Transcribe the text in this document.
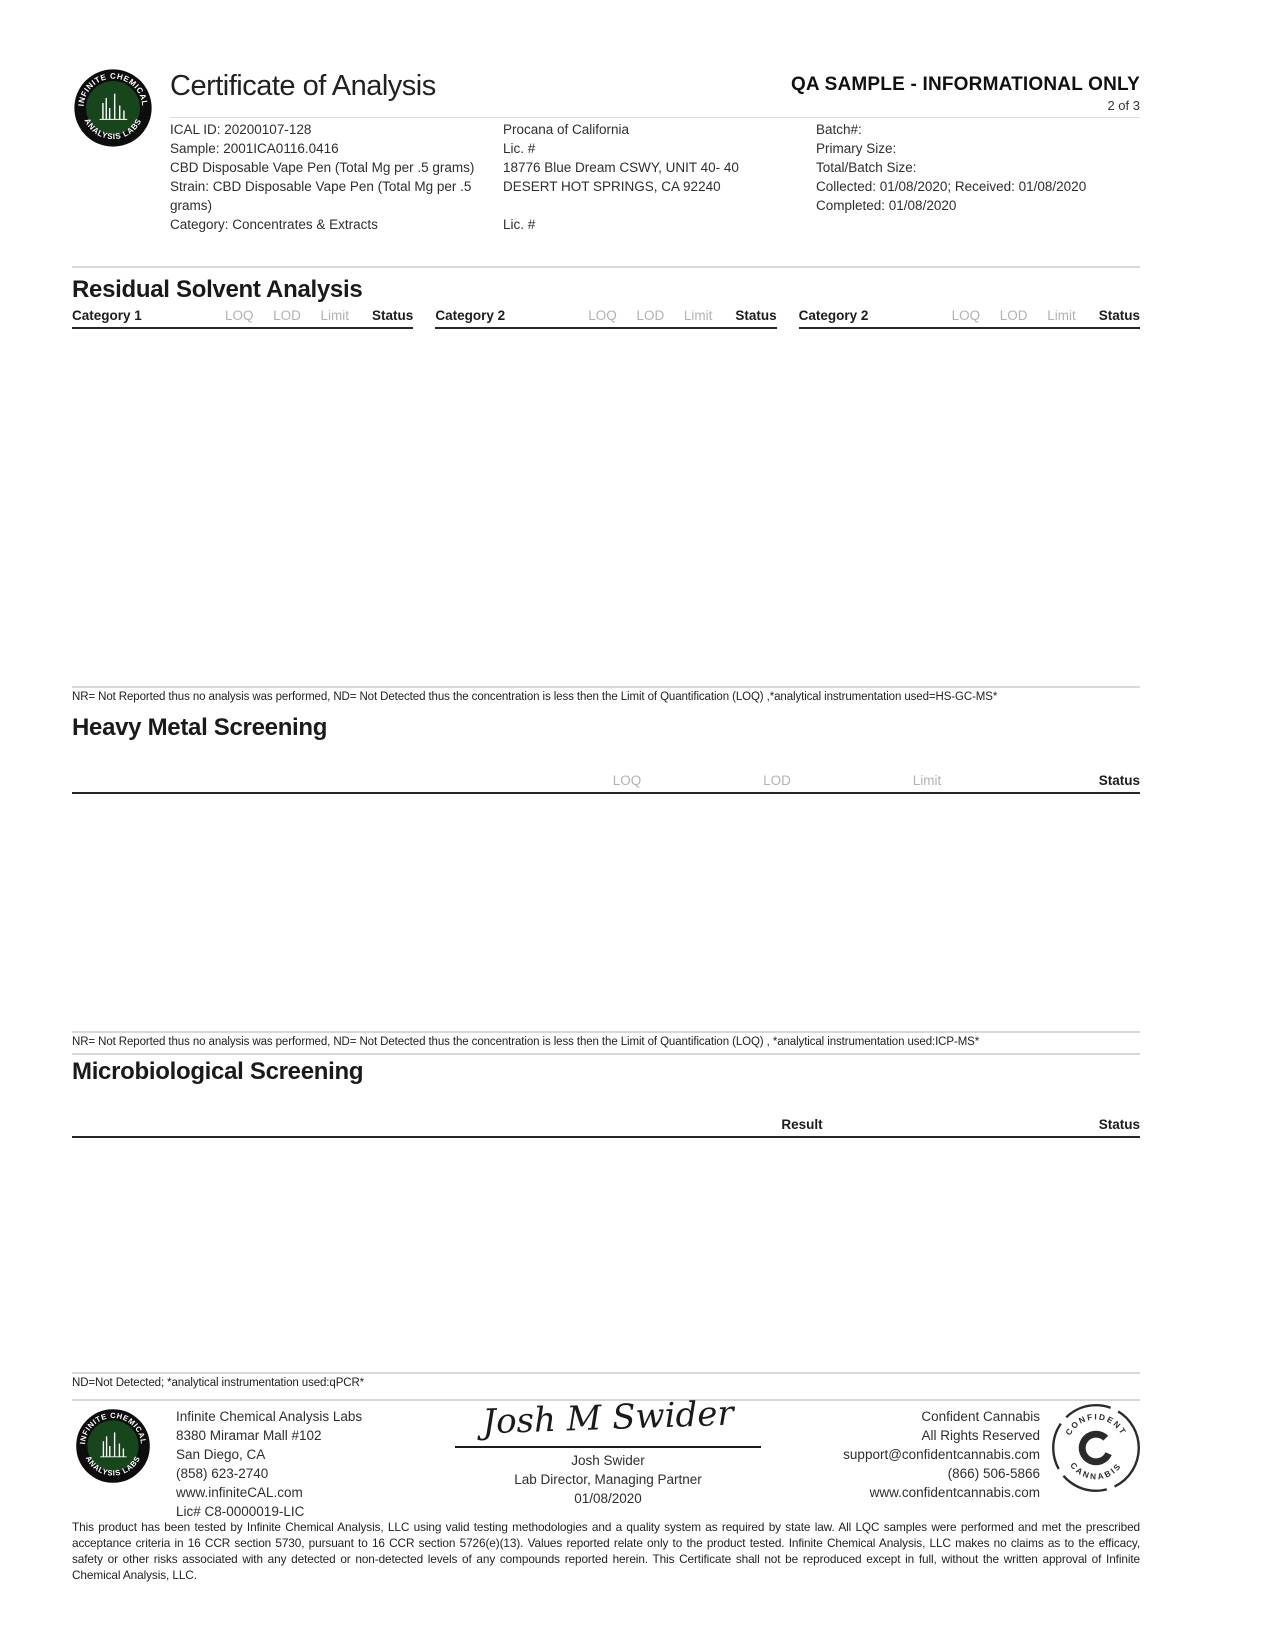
INFINITE CHEMICAL
ANALYSIS LABS
Certificate of Analysis	QA SAMPLE - INFORMATIONAL ONLY
2 of 3
ICAL ID: 20200107-128
Sample: 2001ICA0116.0416
CBD Disposable Vape Pen (Total Mg per .5 grams)
Strain: CBD Disposable Vape Pen (Total Mg per .5 grams)
Category: Concentrates & Extracts
Procana of California
Lic. #
18776 Blue Dream CSWY, UNIT 40- 40
DESERT HOT SPRINGS, CA 92240
Lic. #
Batch#:
Primary Size:
Total/Batch Size:
Collected: 01/08/2020; Received: 01/08/2020
Completed: 01/08/2020
Residual Solvent Analysis
Category 1	LOQ	LOD	Limit	Status Category 2	LOQ	LOD	Limit	Status Category 2	LOQ	LOD	Limit	Status
NR= Not Reported thus no analysis was performed, ND= Not Detected thus the concentration is less then the Limit of Quantification (LOQ) ,*analytical instrumentation used=HS-GC-MS*
Heavy Metal Screening
LOQ	LOD	Limit	Status
NR= Not Reported thus no analysis was performed, ND= Not Detected thus the concentration is less then the Limit of Quantification (LOQ) , *analytical instrumentation used:ICP-MS*
Microbiological Screening
Result	Status
ND=Not Detected; *analytical instrumentation used:qPCR*
INFINITE CHEMICAL
ANALYSIS LABS
Infinite Chemical Analysis Labs
8380 Miramar Mall #102
San Diego, CA
(858) 623-2740
www.infiniteCAL.com
Lic# C8-0000019-LIC
Josh M Swider
Josh Swider
Lab Director, Managing Partner
01/08/2020
Confident Cannabis
All Rights Reserved
support@confidentcannabis.com
(866) 506-5866
www.confidentcannabis.com
CONFIDENT
CANNABIS
This product has been tested by Infinite Chemical Analysis, LLC using valid testing methodologies and a quality system as required by state law. All LQC samples were performed and met the prescribed acceptance criteria in 16 CCR section 5730, pursuant to 16 CCR section 5726(e)(13). Values reported relate only to the product tested. Infinite Chemical Analysis, LLC makes no claims as to the efficacy, safety or other risks associated with any detected or non-detected levels of any compounds reported herein. This Certificate shall not be reproduced except in full, without the written approval of Infinite Chemical Analysis, LLC.
